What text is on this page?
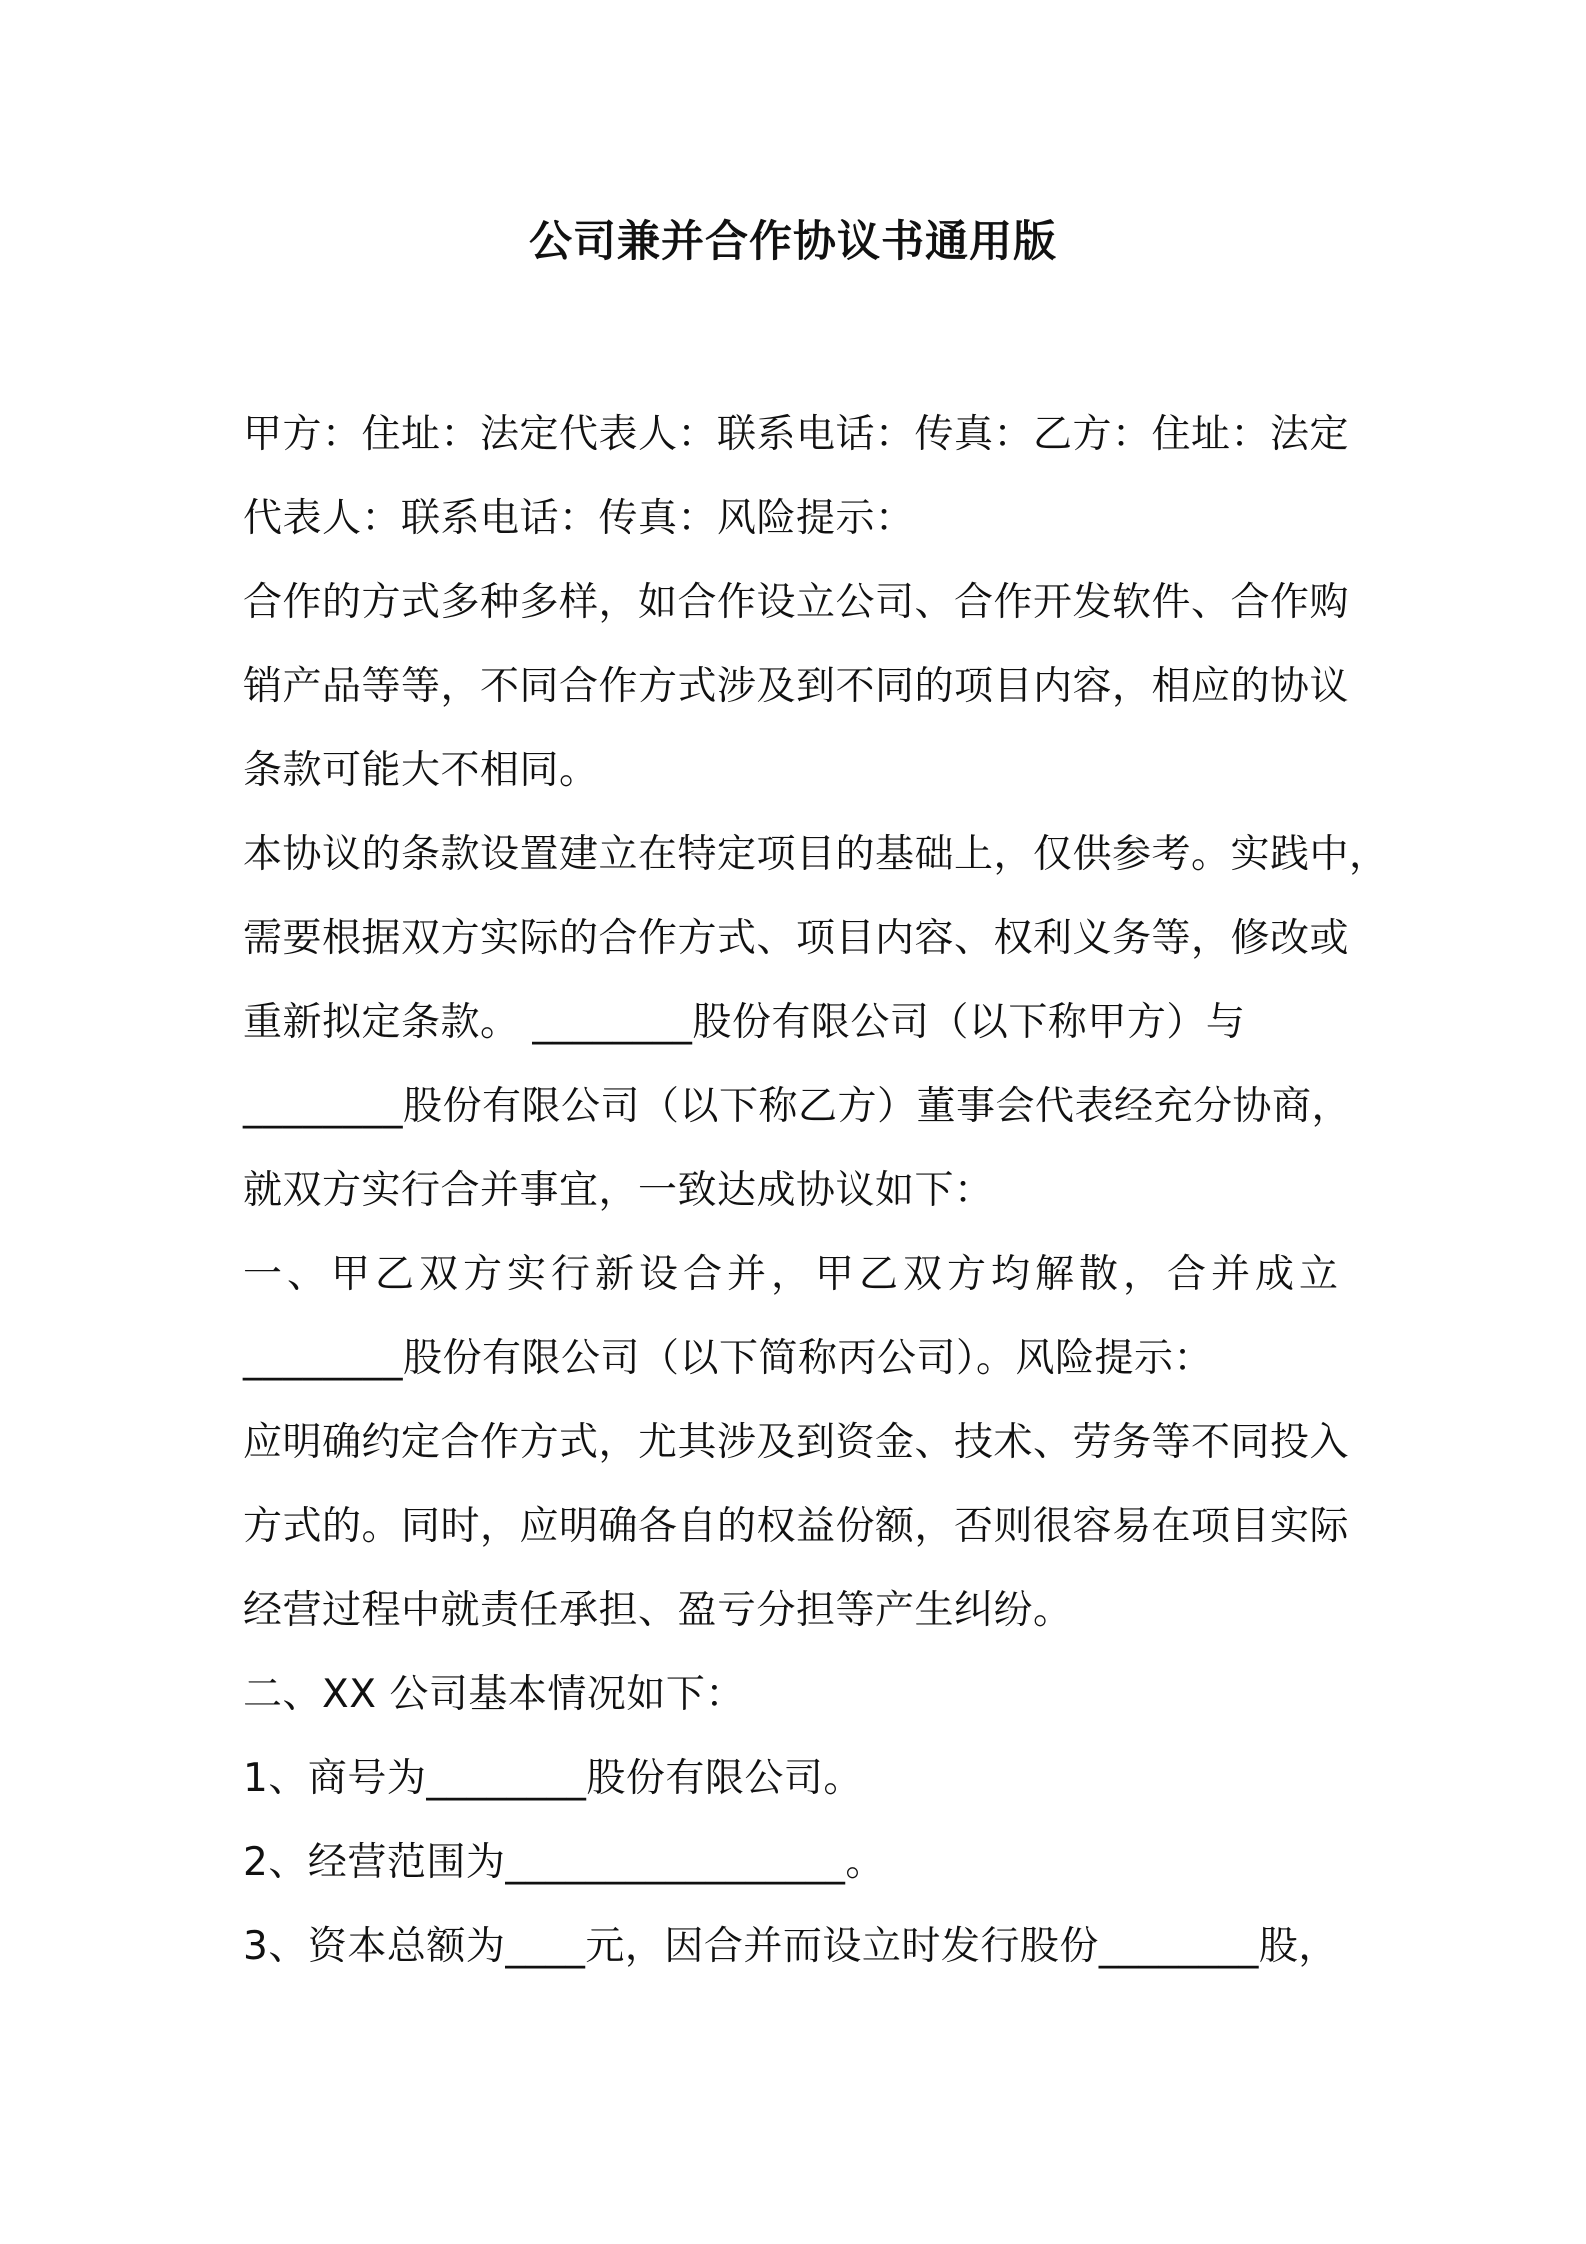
公司兼并合作协议书通用版
甲方：住址：法定代表人：联系电话：传真：乙方：住址：法定
代表人：联系电话：传真：风险提示：
合作的方式多种多样，如合作设立公司、合作开发软件、合作购
销产品等等，不同合作方式涉及到不同的项目内容，相应的协议
条款可能大不相同。
本协议的条款设置建立在特定项目的基础上，仅供参考。实践中，
需要根据双方实际的合作方式、项目内容、权利义务等，修改或
重新拟定条款。 ________股份有限公司（以下称甲方）与
________股份有限公司（以下称乙方）董事会代表经充分协商，
就双方实行合并事宜，一致达成协议如下：
一、甲乙双方实行新设合并，甲乙双方均解散，合并成立
________股份有限公司（以下简称丙公司）。风险提示：
应明确约定合作方式，尤其涉及到资金、技术、劳务等不同投入
方式的。同时，应明确各自的权益份额，否则很容易在项目实际
经营过程中就责任承担、盈亏分担等产生纠纷。
二、XX 公司基本情况如下：
1、商号为________股份有限公司。
2、经营范围为_________________。
3、资本总额为____元，因合并而设立时发行股份________股，
